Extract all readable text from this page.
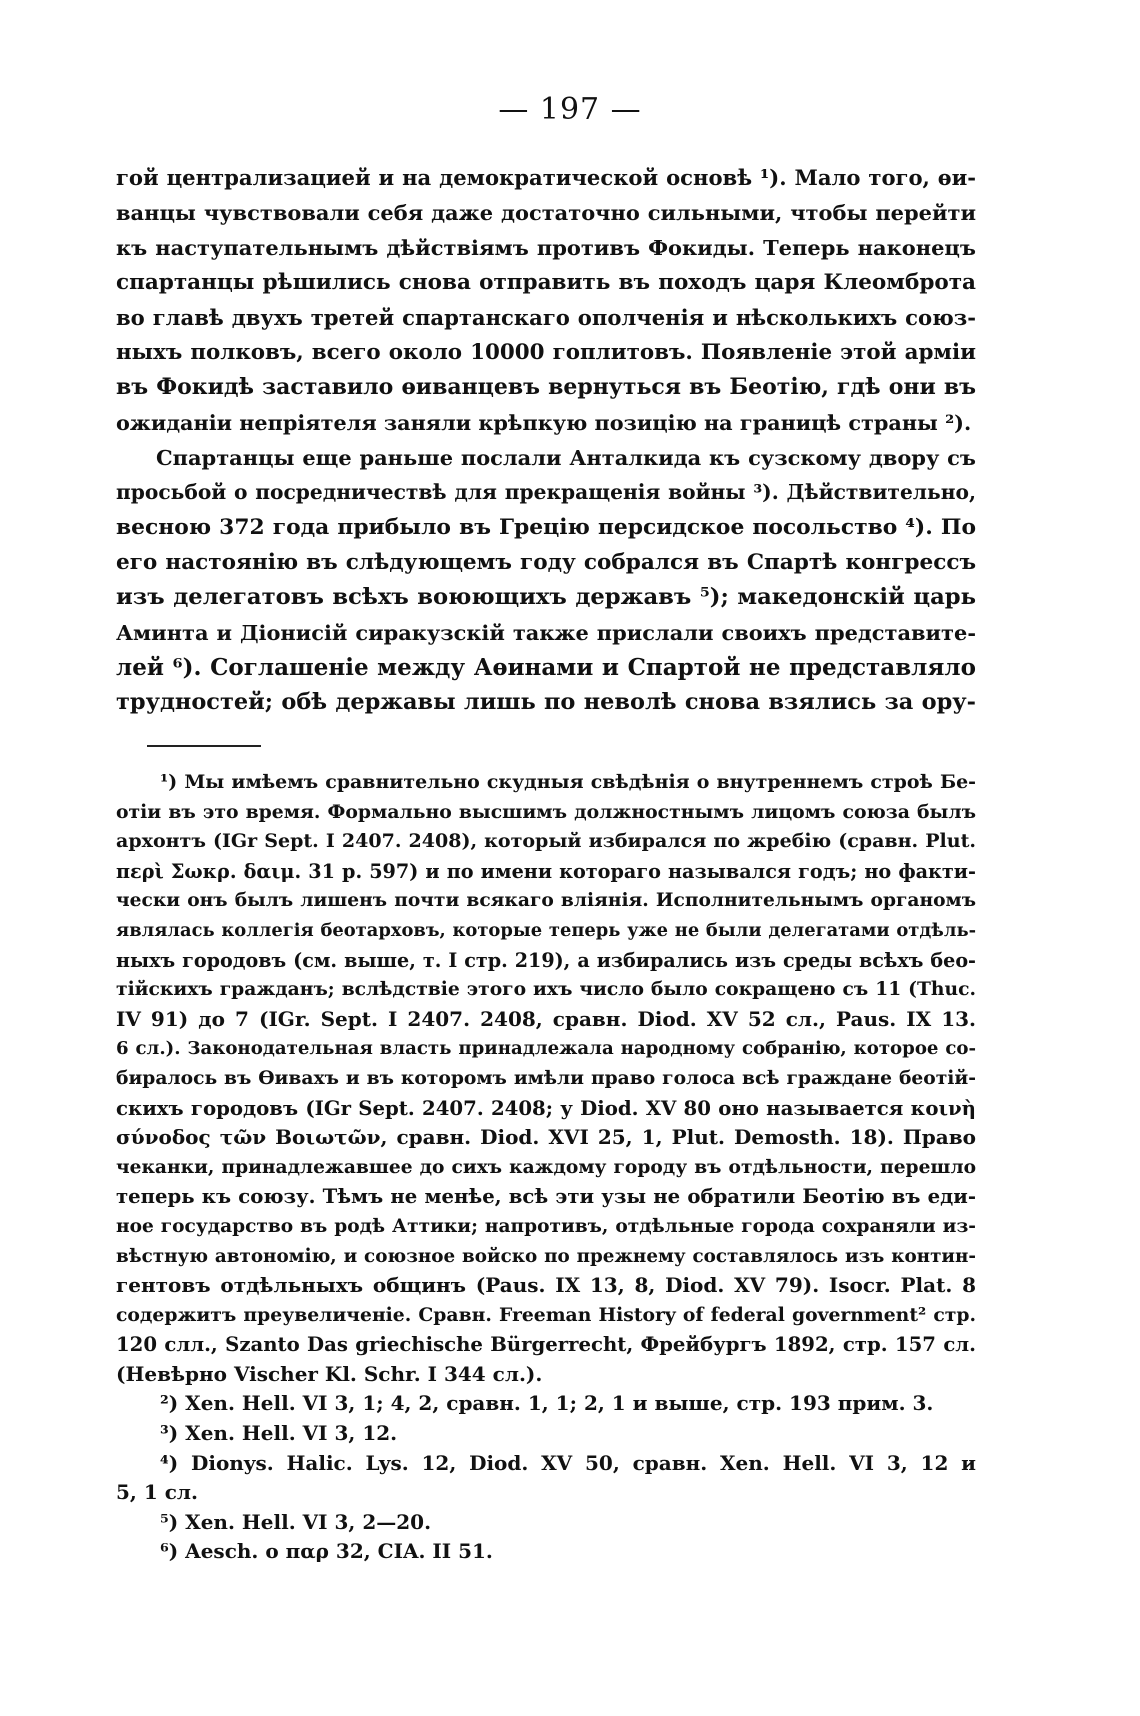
— 197 —
гой централизацией и на демократической основѣ ¹). Мало того, ѳи-
ванцы чувствовали себя даже достаточно сильными, чтобы перейти
къ наступательнымъ дѣйствіямъ противъ Фокиды. Теперь наконецъ
спартанцы рѣшились снова отправить въ походъ царя Клеомброта
во главѣ двухъ третей спартанскаго ополченія и нѣсколькихъ союз-
ныхъ полковъ, всего около 10000 гоплитовъ. Появленіе этой арміи
въ Фокидѣ заставило ѳиванцевъ вернуться въ Беотію, гдѣ они въ
ожиданіи непріятеля заняли крѣпкую позицію на границѣ страны ²).
Спартанцы еще раньше послали Анталкида къ сузскому двору съ
просьбой о посредничествѣ для прекращенія войны ³). Дѣйствительно,
весною 372 года прибыло въ Грецію персидское посольство ⁴). По
его настоянію въ слѣдующемъ году собрался въ Спартѣ конгрессъ
изъ делегатовъ всѣхъ воюющихъ державъ ⁵); македонскій царь
Аминта и Діонисій сиракузскій также прислали своихъ представите-
лей ⁶). Соглашеніе между Аѳинами и Спартой не представляло
трудностей; обѣ державы лишь по неволѣ снова взялись за ору-
¹) Мы имѣемъ сравнительно скудныя свѣдѣнія о внутреннемъ строѣ Бе-
отіи въ это время. Формально высшимъ должностнымъ лицомъ союза былъ
архонтъ (IGr Sept. I 2407. 2408), который избирался по жребію (сравн. Plut.
περὶ Σωκρ. δαιμ. 31 p. 597) и по имени котораго назывался годъ; но факти-
чески онъ былъ лишенъ почти всякаго вліянія. Исполнительнымъ органомъ
являлась коллегія беотарховъ, которые теперь уже не были делегатами отдѣль-
ныхъ городовъ (см. выше, т. I стр. 219), а избирались изъ среды всѣхъ бео-
тійскихъ гражданъ; вслѣдствіе этого ихъ число было сокращено съ 11 (Thuc.
IV 91) до 7 (IGr. Sept. I 2407. 2408, сравн. Diod. XV 52 сл., Paus. IX 13.
6 сл.). Законодательная власть принадлежала народному собранію, которое со-
биралось въ Ѳивахъ и въ которомъ имѣли право голоса всѣ граждане беотій-
скихъ городовъ (IGr Sept. 2407. 2408; у Diod. XV 80 оно называется κοινὴ
σύνοδος τῶν Βοιωτῶν, сравн. Diod. XVI 25, 1, Plut. Demosth. 18). Право
чеканки, принадлежавшее до сихъ каждому городу въ отдѣльности, перешло
теперь къ союзу. Тѣмъ не менѣе, всѣ эти узы не обратили Беотію въ еди-
ное государство въ родѣ Аттики; напротивъ, отдѣльные города сохраняли из-
вѣстную автономію, и союзное войско по прежнему составлялось изъ контин-
гентовъ отдѣльныхъ общинъ (Paus. IX 13, 8, Diod. XV 79). Isocr. Plat. 8
содержитъ преувеличеніе. Сравн. Freeman History of federal government² стр.
120 слл., Szanto Das griechische Bürgerrecht, Фрейбургъ 1892, стр. 157 сл.
(Невѣрно Vischer Kl. Schr. I 344 сл.).
²) Xen. Hell. VI 3, 1; 4, 2, сравн. 1, 1; 2, 1 и выше, стр. 193 прим. 3.
³) Xen. Hell. VI 3, 12.
⁴) Dionys. Halic. Lys. 12, Diod. XV 50, сравн. Xen. Hell. VI 3, 12 и
5, 1 сл.
⁵) Xen. Hell. VI 3, 2—20.
⁶) Aesch. o παρ 32, CIA. II 51.
